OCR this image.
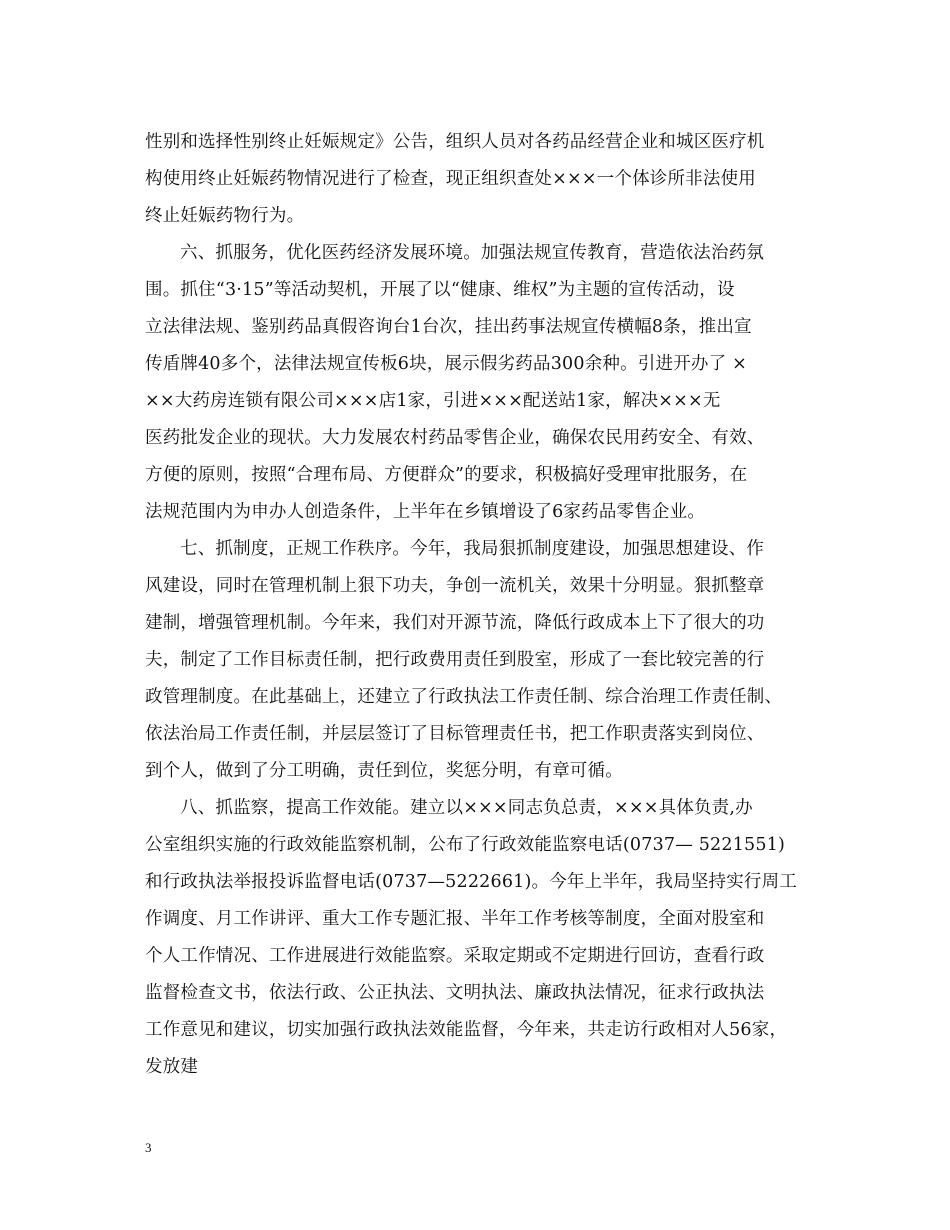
性别和选择性别终止妊娠规定》公告，组织人员对各药品经营企业和城区医疗机
构使用终止妊娠药物情况进行了检查，现正组织查处×××一个体诊所非法使用
终止妊娠药物行为。
六、抓服务，优化医药经济发展环境。加强法规宣传教育，营造依法治药氛
围。抓住“3·15”等活动契机，开展了以“健康、维权”为主题的宣传活动，设
立法律法规、鉴别药品真假咨询台1台次，挂出药事法规宣传横幅8条，推出宣
传盾牌40多个，法律法规宣传板6块，展示假劣药品300余种。引进开办了 ×
××大药房连锁有限公司×××店1家，引进×××配送站1家，解决×××无
医药批发企业的现状。大力发展农村药品零售企业，确保农民用药安全、有效、
方便的原则，按照“合理布局、方便群众”的要求，积极搞好受理审批服务，在
法规范围内为申办人创造条件，上半年在乡镇增设了6家药品零售企业。
七、抓制度，正规工作秩序。今年，我局狠抓制度建设，加强思想建设、作
风建设，同时在管理机制上狠下功夫，争创一流机关，效果十分明显。狠抓整章
建制，增强管理机制。今年来，我们对开源节流，降低行政成本上下了很大的功
夫，制定了工作目标责任制，把行政费用责任到股室，形成了一套比较完善的行
政管理制度。在此基础上，还建立了行政执法工作责任制、综合治理工作责任制、
依法治局工作责任制，并层层签订了目标管理责任书，把工作职责落实到岗位、
到个人，做到了分工明确，责任到位，奖惩分明，有章可循。
八、抓监察，提高工作效能。建立以×××同志负总责，×××具体负责,办
公室组织实施的行政效能监察机制，公布了行政效能监察电话(0737— 5221551)
和行政执法举报投诉监督电话(0737—5222661)。今年上半年，我局坚持实行周工
作调度、月工作讲评、重大工作专题汇报、半年工作考核等制度，全面对股室和
个人工作情况、工作进展进行效能监察。采取定期或不定期进行回访，查看行政
监督检查文书，依法行政、公正执法、文明执法、廉政执法情况，征求行政执法
工作意见和建议，切实加强行政执法效能监督，今年来，共走访行政相对人56家，
发放建
3
